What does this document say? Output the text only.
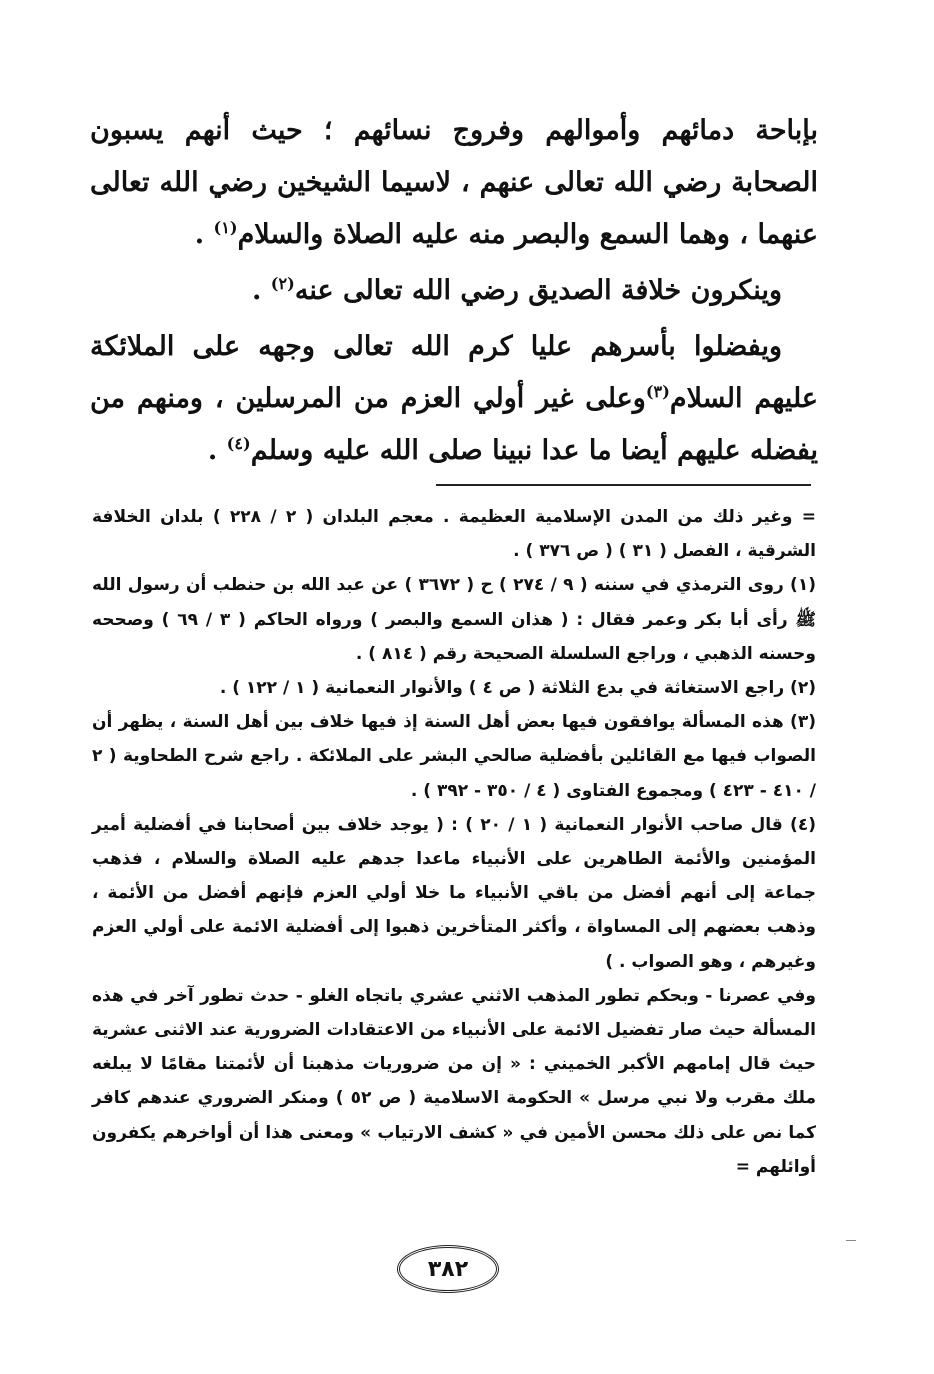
بإباحة دمائهم وأموالهم وفروج نسائهم ؛ حيث أنهم يسبون الصحابة رضي الله تعالى عنهم ، لاسيما الشيخين رضي الله تعالى عنهما ، وهما السمع والبصر منه عليه الصلاة والسلام$^{(١)}$ .

وينكرون خلافة الصديق رضي الله تعالى عنه$^{(٢)}$ .

ويفضلوا بأسرهم عليا كرم الله تعالى وجهه على الملائكة عليهم السلام$^{(٣)}$وعلى غير أولي العزم من المرسلين ، ومنهم من يفضله عليهم أيضا ما عدا نبينا صلى الله عليه وسلم$^{(٤)}$ .

= وغير ذلك من المدن الإسلامية العظيمة . معجم البلدان ( ٢ / ٢٢٨ ) بلدان الخلافة الشرقية ، الفصل ( ٣١ ) ( ص ٣٧٦ ) .

(١) روى الترمذي في سننه ( ٩ / ٢٧٤ ) ح ( ٣٦٧٢ ) عن عبد الله بن حنطب أن رسول الله ﷺ رأى أبا بكر وعمر فقال : ( هذان السمع والبصر ) ورواه الحاكم ( ٣ / ٦٩ ) وصححه وحسنه الذهبي ، وراجع السلسلة الصحيحة رقم ( ٨١٤ ) .

(٢) راجع الاستغاثة في بدع الثلاثة ( ص ٤ ) والأنوار النعمانية ( ١ / ١٢٢ ) .

(٣) هذه المسألة يوافقون فيها بعض أهل السنة إذ فيها خلاف بين أهل السنة ، يظهر أن الصواب فيها مع القائلين بأفضلية صالحي البشر على الملائكة . راجع شرح الطحاوية ( ٢ / ٤١٠ - ٤٢٣ ) ومجموع الفتاوى ( ٤ / ٣٥٠ - ٣٩٢ ) .

(٤) قال صاحب الأنوار النعمانية ( ١ / ٢٠ ) : ( يوجد خلاف بين أصحابنا في أفضلية أمير المؤمنين والأئمة الطاهرين على الأنبياء ماعدا جدهم عليه الصلاة والسلام ، فذهب جماعة إلى أنهم أفضل من باقي الأنبياء ما خلا أولي العزم فإنهم أفضل من الأئمة ، وذهب بعضهم إلى المساواة ، وأكثر المتأخرين ذهبوا إلى أفضلية الائمة على أولي العزم وغيرهم ، وهو الصواب . )

وفي عصرنا - وبحكم تطور المذهب الاثني عشري باتجاه الغلو - حدث تطور آخر في هذه المسألة حيث صار تفضيل الائمة على الأنبياء من الاعتقادات الضرورية عند الاثنى عشرية حيث قال إمامهم الأكبر الخميني : « إن من ضروريات مذهبنا أن لأئمتنا مقامًا لا يبلغه ملك مقرب ولا نبي مرسل » الحكومة الاسلامية ( ص ٥٢ ) ومنكر الضروري عندهم كافر كما نص على ذلك محسن الأمين في « كشف الارتياب » ومعنى هذا أن أواخرهم يكفرون أوائلهم =

٣٨٢
